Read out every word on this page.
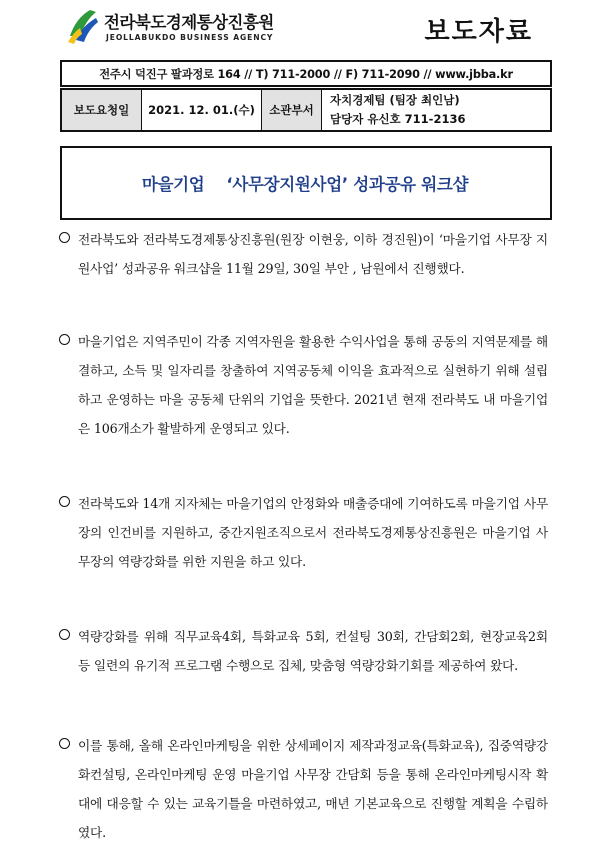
전라북도경제통상진흥원
JEOLLABUKDO BUSINESS AGENCY	보도자료
전주시 덕진구 팔과정로 164 // T) 711-2000 // F) 711-2090 // www.jbba.kr
보도요청일	2021. 12. 01.(수)	소관부서
자치경제팀 (팀장 최인남)
담당자 유신호 711-2136
마을기업 ‘사무장지원사업’ 성과공유 워크샵
전라북도와 전라북도경제통상진흥원(원장 이현웅, 이하 경진원)이 ‘마을기업 사무장 지원사업’ 성과공유 워크샵을 11월 29일, 30일 부안 , 남원에서 진행했다.
마을기업은 지역주민이 각종 지역자원을 활용한 수익사업을 통해 공동의 지역문제를 해결하고, 소득 및 일자리를 창출하여 지역공동체 이익을 효과적으로 실현하기 위해 설립하고 운영하는 마을 공동체 단위의 기업을 뜻한다. 2021년 현재 전라북도 내 마을기업은 106개소가 활발하게 운영되고 있다.
전라북도와 14개 지자체는 마을기업의 안정화와 매출증대에 기여하도록 마을기업 사무장의 인건비를 지원하고, 중간지원조직으로서 전라북도경제통상진흥원은 마을기업 사무장의 역량강화를 위한 지원을 하고 있다.
역량강화를 위해 직무교육4회, 특화교육 5회, 컨설팅 30회, 간담회2회, 현장교육2회 등 일련의 유기적 프로그램 수행으로 집체, 맞춤형 역량강화기회를 제공하여 왔다.
이를 통해, 올해 온라인마케팅을 위한 상세페이지 제작과정교육(특화교육), 집중역량강화컨설팅, 온라인마케팅 운영 마을기업 사무장 간담회 등을 통해 온라인마케팅시작 확대에 대응할 수 있는 교육기틀을 마련하였고, 매년 기본교육으로 진행할 계획을 수립하였다.
